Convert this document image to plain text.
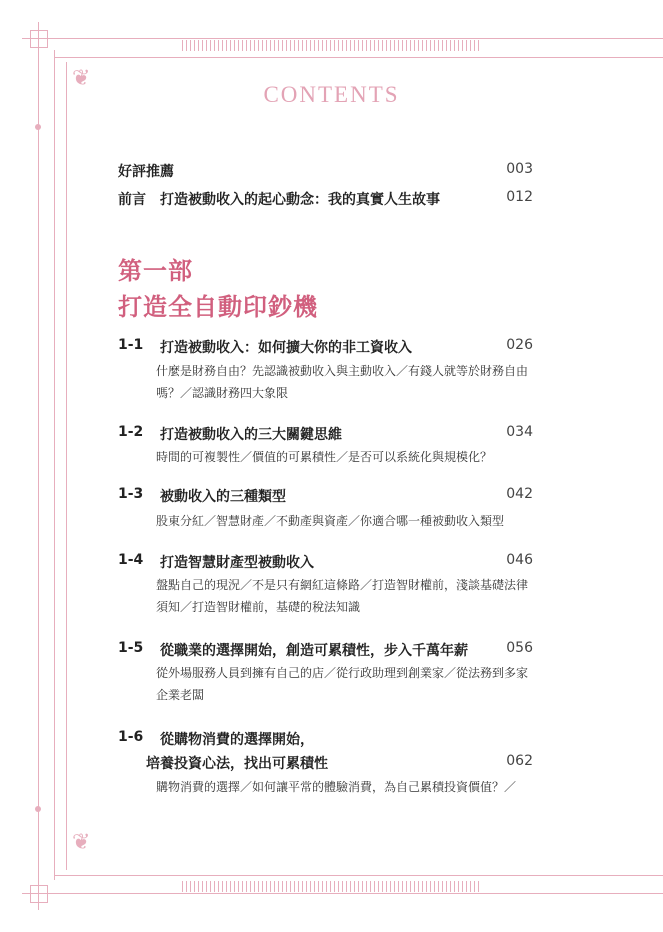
❦
❦
CONTENTS
好評推薦	003
前言　打造被動收入的起心動念：我的真實人生故事	012
第一部
打造全自動印鈔機
1-1 打造被動收入：如何擴大你的非工資收入	026
什麼是財務自由？先認識被動收入與主動收入／有錢人就等於財務自由嗎？／認識財務四大象限
1-2 打造被動收入的三大關鍵思維	034
時間的可複製性／價值的可累積性／是否可以系統化與規模化？
1-3 被動收入的三種類型	042
股東分紅／智慧財產／不動產與資產／你適合哪一種被動收入類型
1-4 打造智慧財產型被動收入	046
盤點自己的現況／不是只有網紅這條路／打造智財權前，淺談基礎法律須知／打造智財權前，基礎的稅法知識
1-5 從職業的選擇開始，創造可累積性，步入千萬年薪	056
從外場服務人員到擁有自己的店／從行政助理到創業家／從法務到多家企業老闆
1-6 從購物消費的選擇開始，
培養投資心法，找出可累積性	062
購物消費的選擇／如何讓平常的體驗消費，為自己累積投資價值？／
